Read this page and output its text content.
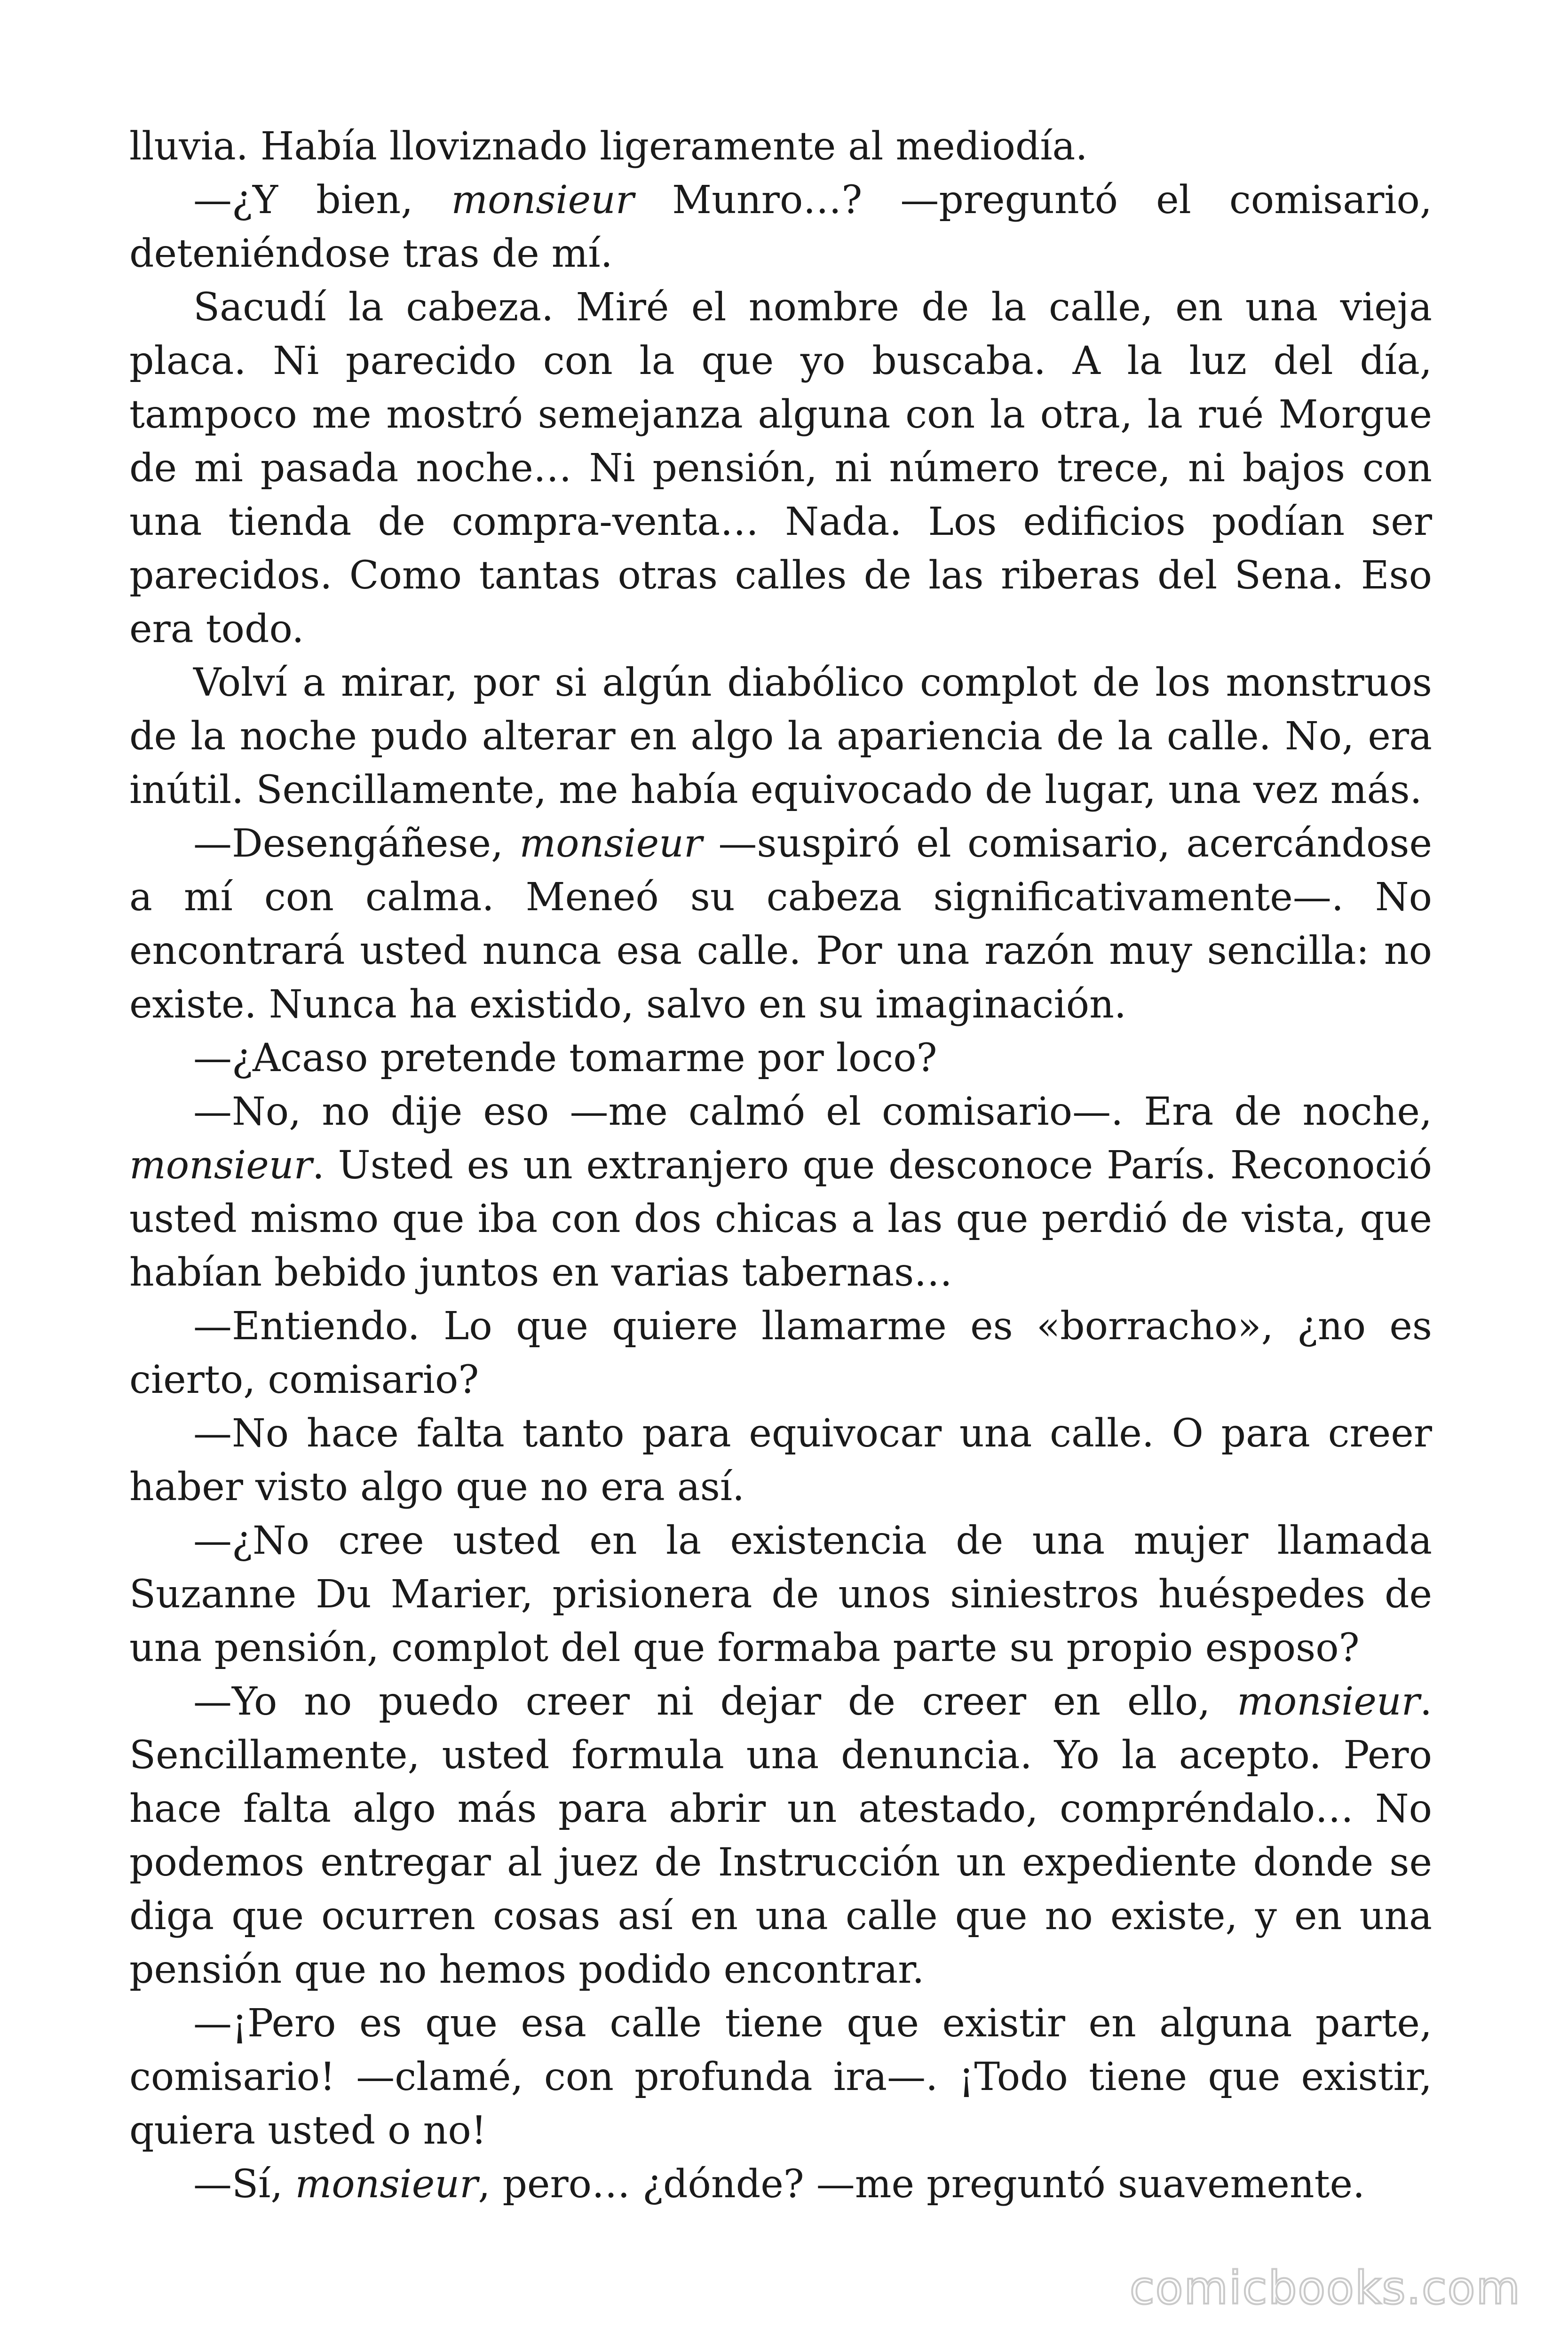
lluvia. Había lloviznado ligeramente al mediodía.

—¿Y bien, monsieur Munro…? —preguntó el comisario, deteniéndose tras de mí.

Sacudí la cabeza. Miré el nombre de la calle, en una vieja placa. Ni parecido con la que yo buscaba. A la luz del día, tampoco me mostró semejanza alguna con la otra, la rué Morgue de mi pasada noche… Ni pensión, ni número trece, ni bajos con una tienda de compra-venta… Nada. Los edificios podían ser parecidos. Como tantas otras calles de las riberas del Sena. Eso era todo.

Volví a mirar, por si algún diabólico complot de los monstruos de la noche pudo alterar en algo la apariencia de la calle. No, era inútil. Sencillamente, me había equivocado de lugar, una vez más.

—Desengáñese, monsieur —suspiró el comisario, acercándose a mí con calma. Meneó su cabeza significativamente—. No encontrará usted nunca esa calle. Por una razón muy sencilla: no existe. Nunca ha existido, salvo en su imaginación.

—¿Acaso pretende tomarme por loco?

—No, no dije eso —me calmó el comisario—. Era de noche, monsieur. Usted es un extranjero que desconoce París. Reconoció usted mismo que iba con dos chicas a las que perdió de vista, que habían bebido juntos en varias tabernas…

—Entiendo. Lo que quiere llamarme es «borracho», ¿no es cierto, comisario?

—No hace falta tanto para equivocar una calle. O para creer haber visto algo que no era así.

—¿No cree usted en la existencia de una mujer llamada Suzanne Du Marier, prisionera de unos siniestros huéspedes de una pensión, complot del que formaba parte su propio esposo?

—Yo no puedo creer ni dejar de creer en ello, monsieur. Sencillamente, usted formula una denuncia. Yo la acepto. Pero hace falta algo más para abrir un atestado, compréndalo… No podemos entregar al juez de Instrucción un expediente donde se diga que ocurren cosas así en una calle que no existe, y en una pensión que no hemos podido encontrar.

—¡Pero es que esa calle tiene que existir en alguna parte, comisario! —clamé, con profunda ira—. ¡Todo tiene que existir, quiera usted o no!

—Sí, monsieur, pero… ¿dónde? —me preguntó suavemente.

comicbooks.com
